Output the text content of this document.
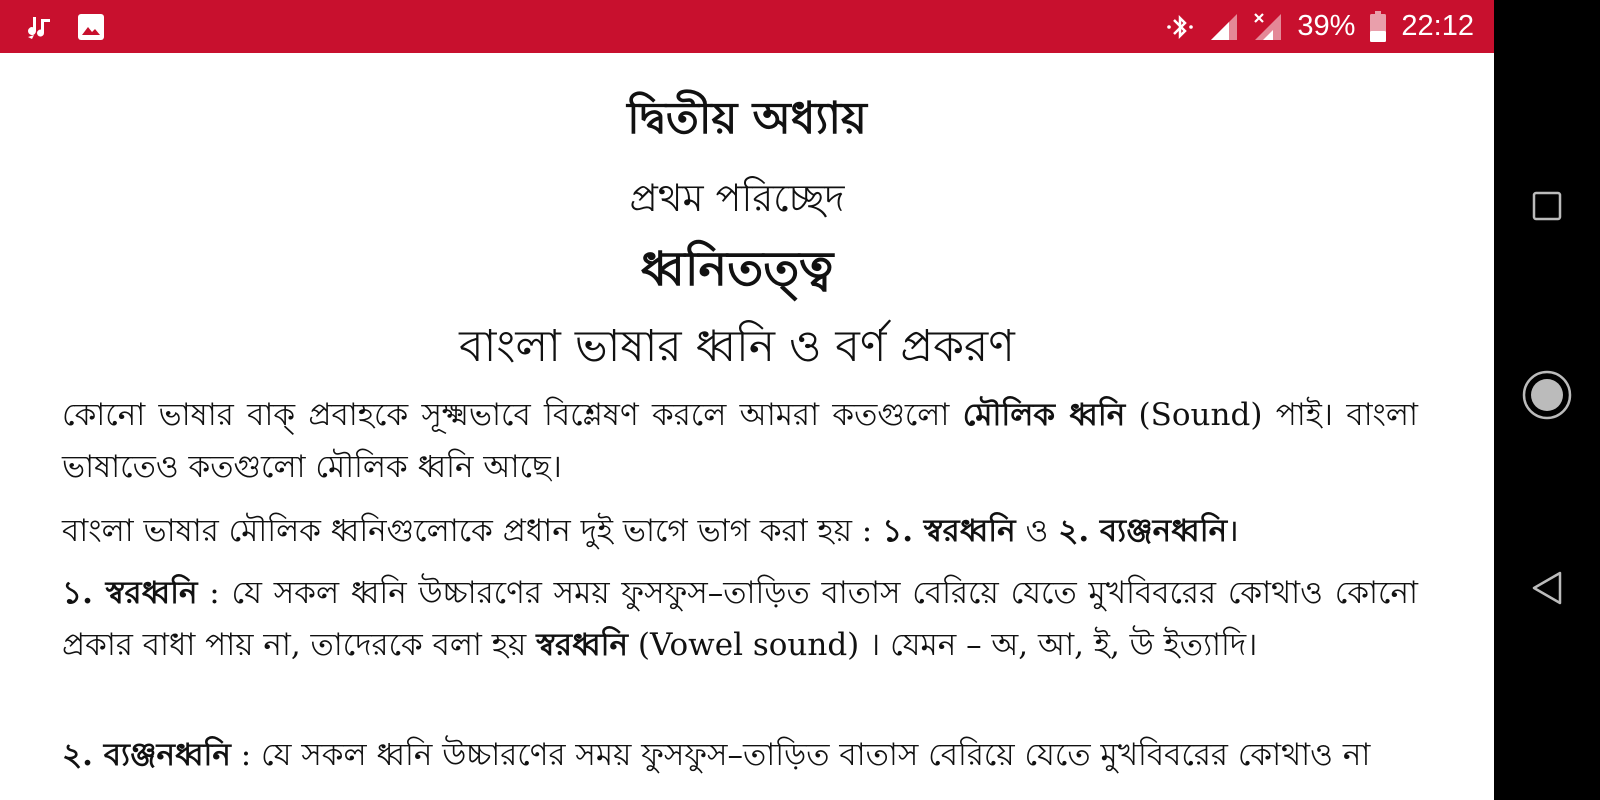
39% 22:12
দ্বিতীয় অধ্যায়
প্রথম পরিচ্ছেদ
ধ্বনিতত্ত্ব
বাংলা ভাষার ধ্বনি ও বর্ণ প্রকরণ

কোনো ভাষার বাক্ প্রবাহকে সূক্ষ্মভাবে বিশ্লেষণ করলে আমরা কতগুলো মৌলিক ধ্বনি (Sound) পাই। বাংলা ভাষাতেও কতগুলো মৌলিক ধ্বনি আছে।

বাংলা ভাষার মৌলিক ধ্বনিগুলোকে প্রধান দুই ভাগে ভাগ করা হয় : ১. স্বরধ্বনি ও ২. ব্যঞ্জনধ্বনি।

১. স্বরধ্বনি : যে সকল ধ্বনি উচ্চারণের সময় ফুসফুস–তাড়িত বাতাস বেরিয়ে যেতে মুখবিবরের কোথাও কোনো প্রকার বাধা পায় না, তাদেরকে বলা হয় স্বরধ্বনি (Vowel sound) । যেমন – অ, আ, ই, উ ইত্যাদি।

২. ব্যঞ্জনধ্বনি : যে সকল ধ্বনি উচ্চারণের সময় ফুসফুস–তাড়িত বাতাস বেরিয়ে যেতে মুখবিবরের কোথাও না
